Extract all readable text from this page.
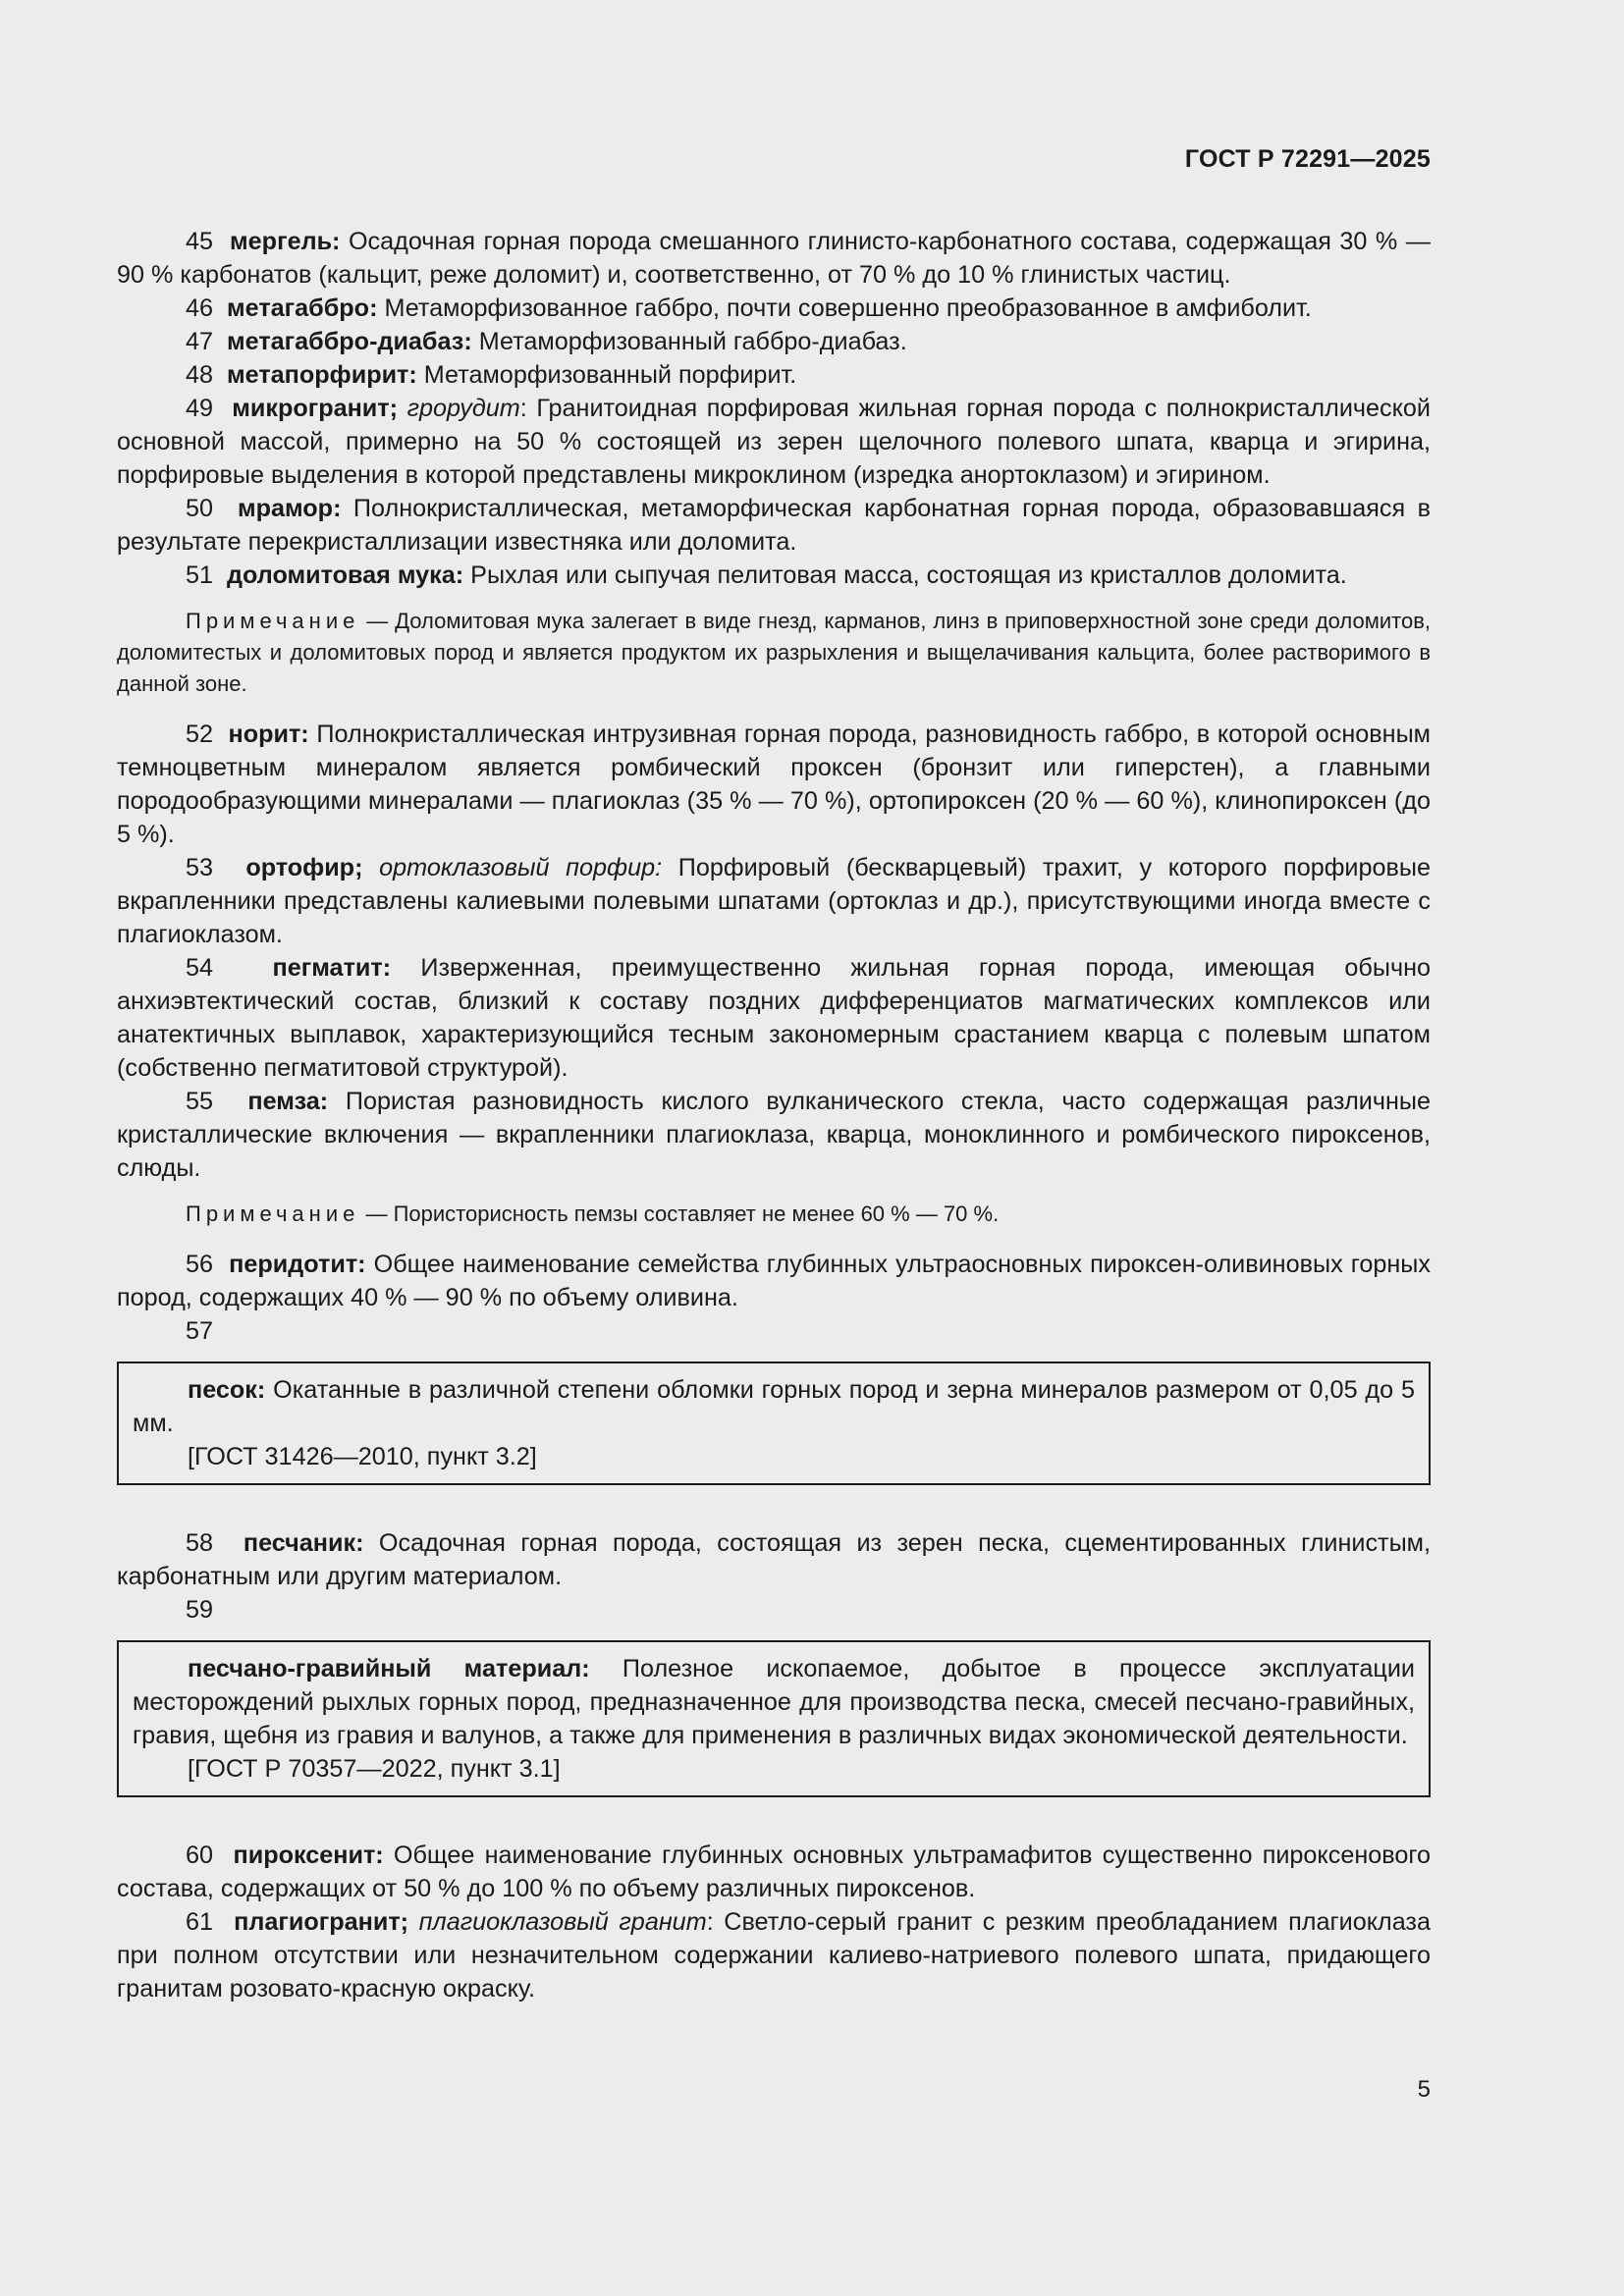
ГОСТ Р 72291—2025

45 мергель: Осадочная горная порода смешанного глинисто-карбонатного состава, содержащая 30 % — 90 % карбонатов (кальцит, реже доломит) и, соответственно, от 70 % до 10 % глинистых частиц.

46 метагаббро: Метаморфизованное габбро, почти совершенно преобразованное в амфиболит.

47 метагаббро-диабаз: Метаморфизованный габбро-диабаз.

48 метапорфирит: Метаморфизованный порфирит.

49 микрогранит; грорудит: Гранитоидная порфировая жильная горная порода с полнокристаллической основной массой, примерно на 50 % состоящей из зерен щелочного полевого шпата, кварца и эгирина, порфировые выделения в которой представлены микроклином (изредка анортоклазом) и эгирином.

50 мрамор: Полнокристаллическая, метаморфическая карбонатная горная порода, образовавшаяся в результате перекристаллизации известняка или доломита.

51 доломитовая мука: Рыхлая или сыпучая пелитовая масса, состоящая из кристаллов доломита.

Примечание — Доломитовая мука залегает в виде гнезд, карманов, линз в приповерхностной зоне среди доломитов, доломитестых и доломитовых пород и является продуктом их разрыхления и выщелачивания кальцита, более растворимого в данной зоне.

52 норит: Полнокристаллическая интрузивная горная порода, разновидность габбро, в которой основным темноцветным минералом является ромбический проксен (бронзит или гиперстен), а главными породообразующими минералами — плагиоклаз (35 % — 70 %), ортопироксен (20 % — 60 %), клинопироксен (до 5 %).

53 ортофир; ортоклазовый порфир: Порфировый (бескварцевый) трахит, у которого порфировые вкрапленники представлены калиевыми полевыми шпатами (ортоклаз и др.), присутствующими иногда вместе с плагиоклазом.

54 пегматит: Изверженная, преимущественно жильная горная порода, имеющая обычно анхиэвтектический состав, близкий к составу поздних дифференциатов магматических комплексов или анатектичных выплавок, характеризующийся тесным закономерным срастанием кварца с полевым шпатом (собственно пегматитовой структурой).

55 пемза: Пористая разновидность кислого вулканического стекла, часто содержащая различные кристаллические включения — вкрапленники плагиоклаза, кварца, моноклинного и ромбического пироксенов, слюды.

Примечание — Пористорисность пемзы составляет не менее 60 % — 70 %.

56 перидотит: Общее наименование семейства глубинных ультраосновных пироксен-оливиновых горных пород, содержащих 40 % — 90 % по объему оливина.

57

песок: Окатанные в различной степени обломки горных пород и зерна минералов размером от 0,05 до 5 мм.

[ГОСТ 31426—2010, пункт 3.2]

58 песчаник: Осадочная горная порода, состоящая из зерен песка, сцементированных глинистым, карбонатным или другим материалом.

59

песчано-гравийный материал: Полезное ископаемое, добытое в процессе эксплуатации месторождений рыхлых горных пород, предназначенное для производства песка, смесей песчано-гравийных, гравия, щебня из гравия и валунов, а также для применения в различных видах экономической деятельности.

[ГОСТ Р 70357—2022, пункт 3.1]

60 пироксенит: Общее наименование глубинных основных ультрамафитов существенно пироксенового состава, содержащих от 50 % до 100 % по объему различных пироксенов.

61 плагиогранит; плагиоклазовый гранит: Светло-серый гранит с резким преобладанием плагиоклаза при полном отсутствии или незначительном содержании калиево-натриевого полевого шпата, придающего гранитам розовато-красную окраску.

5
